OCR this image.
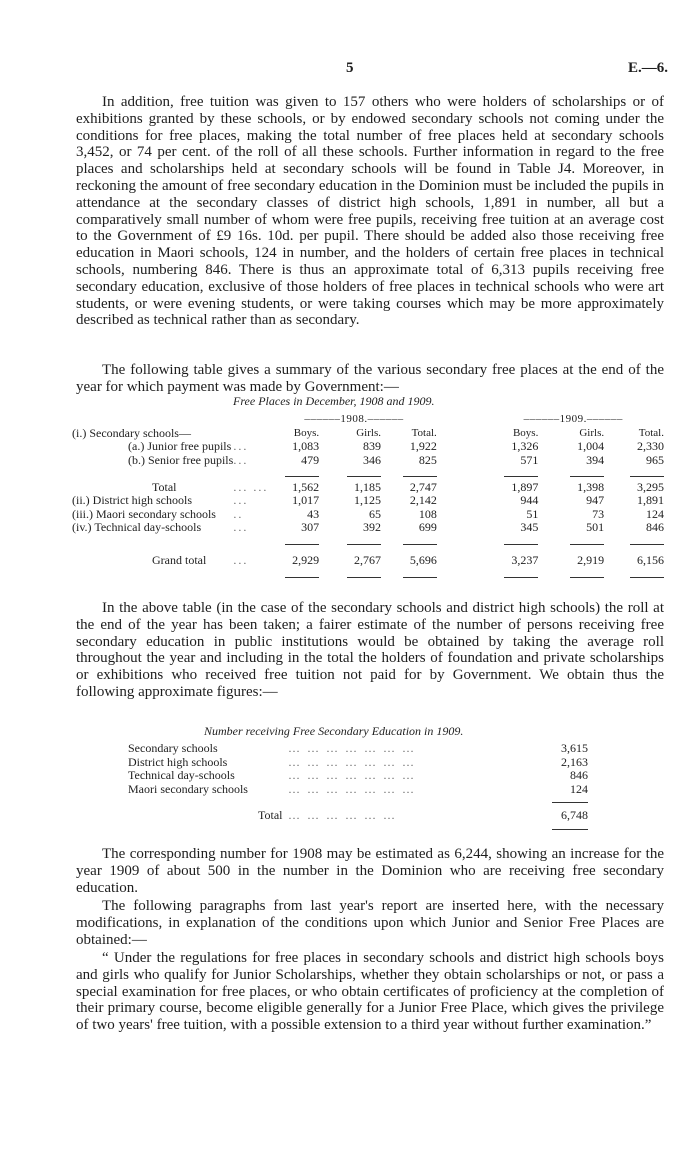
5	E.—6.

In addition, free tuition was given to 157 others who were holders of scholarships or of exhibitions granted by these schools, or by endowed secondary schools not coming under the conditions for free places, making the total number of free places held at secondary schools 3,452, or 74 per cent. of the roll of all these schools. Further information in regard to the free places and scholarships held at secondary schools will be found in Table J4. Moreover, in reckoning the amount of free secondary education in the Dominion must be included the pupils in attendance at the secondary classes of district high schools, 1,891 in number, all but a comparatively small number of whom were free pupils, receiving free tuition at an average cost to the Government of £9 16s. 10d. per pupil. There should be added also those receiving free education in Maori schools, 124 in number, and the holders of certain free places in technical schools, numbering 846. There is thus an approximate total of 6,313 pupils receiving free secondary education, exclusive of those holders of free places in technical schools who were art students, or were evening students, or were taking courses which may be more approximately described as technical rather than as secondary.

The following table gives a summary of the various secondary free places at the end of the year for which payment was made by Government:—

Free Places in December, 1908 and 1909.
		––––––1908.––––––				––––––1909.––––––		
(i.) Secondary schools—		Boys.	Girls.	Total.		Boys.	Girls.	Total.
(a.) Junior free pupils	...	1,083	839	1,922		1,326	1,004	2,330
(b.) Senior free pupils	...	479	346	825		571	394	965

Total	... ...	1,562	1,185	2,747		1,897	1,398	3,295
(ii.) District high schools	...	1,017	1,125	2,142		944	947	1,891
(iii.) Maori secondary schools	..	43	65	108		51	73	124
(iv.) Technical day-schools	...	307	392	699		345	501	846

Grand total	...	2,929	2,767	5,696		3,237	2,919	6,156

In the above table (in the case of the secondary schools and district high schools) the roll at the end of the year has been taken; a fairer estimate of the number of persons receiving free secondary education in public institutions would be obtained by taking the average roll throughout the year and including in the total the holders of foundation and private scholarships or exhibitions who received free tuition not paid for by Government. We obtain thus the following approximate figures:—

Number receiving Free Secondary Education in 1909.
Secondary schools	… … … … … … …	3,615
District high schools	… … … … … … …	2,163
Technical day-schools	… … … … … … …	846
Maori secondary schools	… … … … … … …	124

Total	… … … … … …	6,748

The corresponding number for 1908 may be estimated as 6,244, showing an increase for the year 1909 of about 500 in the number in the Dominion who are receiving free secondary education.

The following paragraphs from last year's report are inserted here, with the necessary modifications, in explanation of the conditions upon which Junior and Senior Free Places are obtained:—

“ Under the regulations for free places in secondary schools and district high schools boys and girls who qualify for Junior Scholarships, whether they obtain scholarships or not, or pass a special examination for free places, or who obtain certificates of proficiency at the completion of their primary course, become eligible generally for a Junior Free Place, which gives the privilege of two years' free tuition, with a possible extension to a third year without further examination.”
